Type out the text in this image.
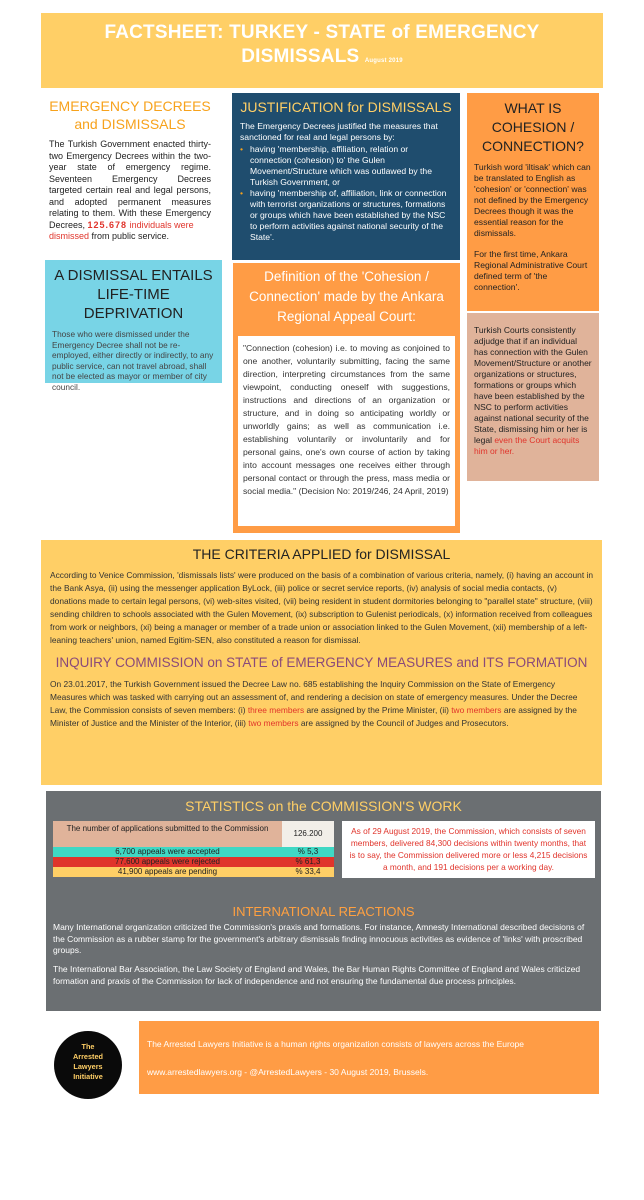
FACTSHEET: TURKEY - STATE of EMERGENCY DISMISSALS August 2019
EMERGENCY DECREES
and DISMISSALS

The Turkish Government enacted thirty-two Emergency Decrees within the two-year state of emergency regime. Seventeen Emergency Decrees targeted certain real and legal persons, and adopted permanent measures relating to them. With these Emergency Decrees, 125.678 individuals were
dismissed from public service.

A DISMISSAL ENTAILS
LIFE-TIME DEPRIVATION

Those who were dismissed under the Emergency Decree shall not be re-employed, either directly or indirectly, to any public service, can not travel abroad, shall not be elected as mayor or member of city council.

JUSTIFICATION for DISMISSALS

The Emergency Decrees justified the measures that sanctioned for real and legal persons by:

• having 'membership, affiliation, relation or connection (cohesion) to' the Gulen Movement/Structure which was outlawed by the Turkish Government, or
• having 'membership of, affiliation, link or connection with terrorist organizations or structures, formations or groups which have been established by the NSC to perform activities against national security of the State'.
Definition of the 'Cohesion / Connection' made by the Ankara Regional Appeal Court:

"Connection (cohesion) i.e. to moving as conjoined to one another, voluntarily submitting, facing the same direction, interpreting circumstances from the same viewpoint, conducting oneself with suggestions, instructions and directions of an organization or structure, and in doing so anticipating worldly or unworldly gains; as well as communication i.e. establishing voluntarily or involuntarily and for personal gains, one's own course of action by taking into account messages one receives either through personal contact or through the press, mass media or social media." (Decision No: 2019/246, 24 April, 2019)

WHAT IS
COHESION /
CONNECTION?

Turkish word 'iltisak' which can be translated to English as 'cohesion' or 'connection' was not defined by the Emergency Decrees though it was the essential reason for the dismissals.

For the first time, Ankara Regional Administrative Court defined term of 'the connection'.

Turkish Courts consistently adjudge that if an individual has connection with the Gulen Movement/Structure or another organizations or structures, formations or groups which have been established by the NSC to perform activities against national security of the State, dismissing him or her is legal even the Court acquits him or her.

THE CRITERIA APPLIED for DISMISSAL

According to Venice Commission, 'dismissals lists' were produced on the basis of a combination of various criteria, namely, (i) having an account in the Bank Asya, (ii) using the messenger application ByLock, (iii) police or secret service reports, (iv) analysis of social media contacts, (v) donations made to certain legal persons, (vi) web-sites visited, (vii) being resident in student dormitories belonging to "parallel state" structure, (viii) sending children to schools associated with the Gulen Movement, (ix) subscription to Gulenist periodicals, (x) information received from colleagues from work or neighbors, (xi) being a manager or member of a trade union or association linked to the Gulen Movement, (xii) membership of a left-leaning teachers' union, named Egitim-SEN, also constituted a reason for dismissal.

INQUIRY COMMISSION on STATE of EMERGENCY MEASURES and ITS FORMATION

On 23.01.2017, the Turkish Government issued the Decree Law no. 685 establishing the Inquiry Commission on the State of Emergency Measures which was tasked with carrying out an assessment of, and rendering a decision on state of emergency measures. Under the Decree Law, the Commission consists of seven members: (i) three members are assigned by the Prime Minister, (ii) two members are assigned by the Minister of Justice and the Minister of the Interior, (iii) two members are assigned by the Council of Judges and Prosecutors.

STATISTICS on the COMMISSION'S WORK
The number of applications submitted to the Commission
126.200
6,700 appeals were accepted	% 5,3
77,600 appeals were rejected	% 61,3
41,900 appeals are pending	% 33,4
As of 29 August 2019, the Commission, which consists of seven members, delivered 84,300 decisions within twenty months, that is to say, the Commission delivered more or less 4,215 decisions a month, and 191 decisions per a working day.
INTERNATIONAL REACTIONS

Many International organization criticized the Commission's praxis and formations. For instance, Amnesty International described decisions of the Commission as a rubber stamp for the government's arbitrary dismissals finding innocuous activities as evidence of 'links' with proscribed groups.

The International Bar Association, the Law Society of England and Wales, the Bar Human Rights Committee of England and Wales criticized formation and praxis of the Commission for lack of independence and not ensuring the fundamental due process principles.

The
Arrested
Lawyers
Initiative
The Arrested Lawyers Initiative is a human rights organization consists of lawyers across the Europe
www.arrestedlawyers.org - @ArrestedLawyers - 30 August 2019, Brussels.
